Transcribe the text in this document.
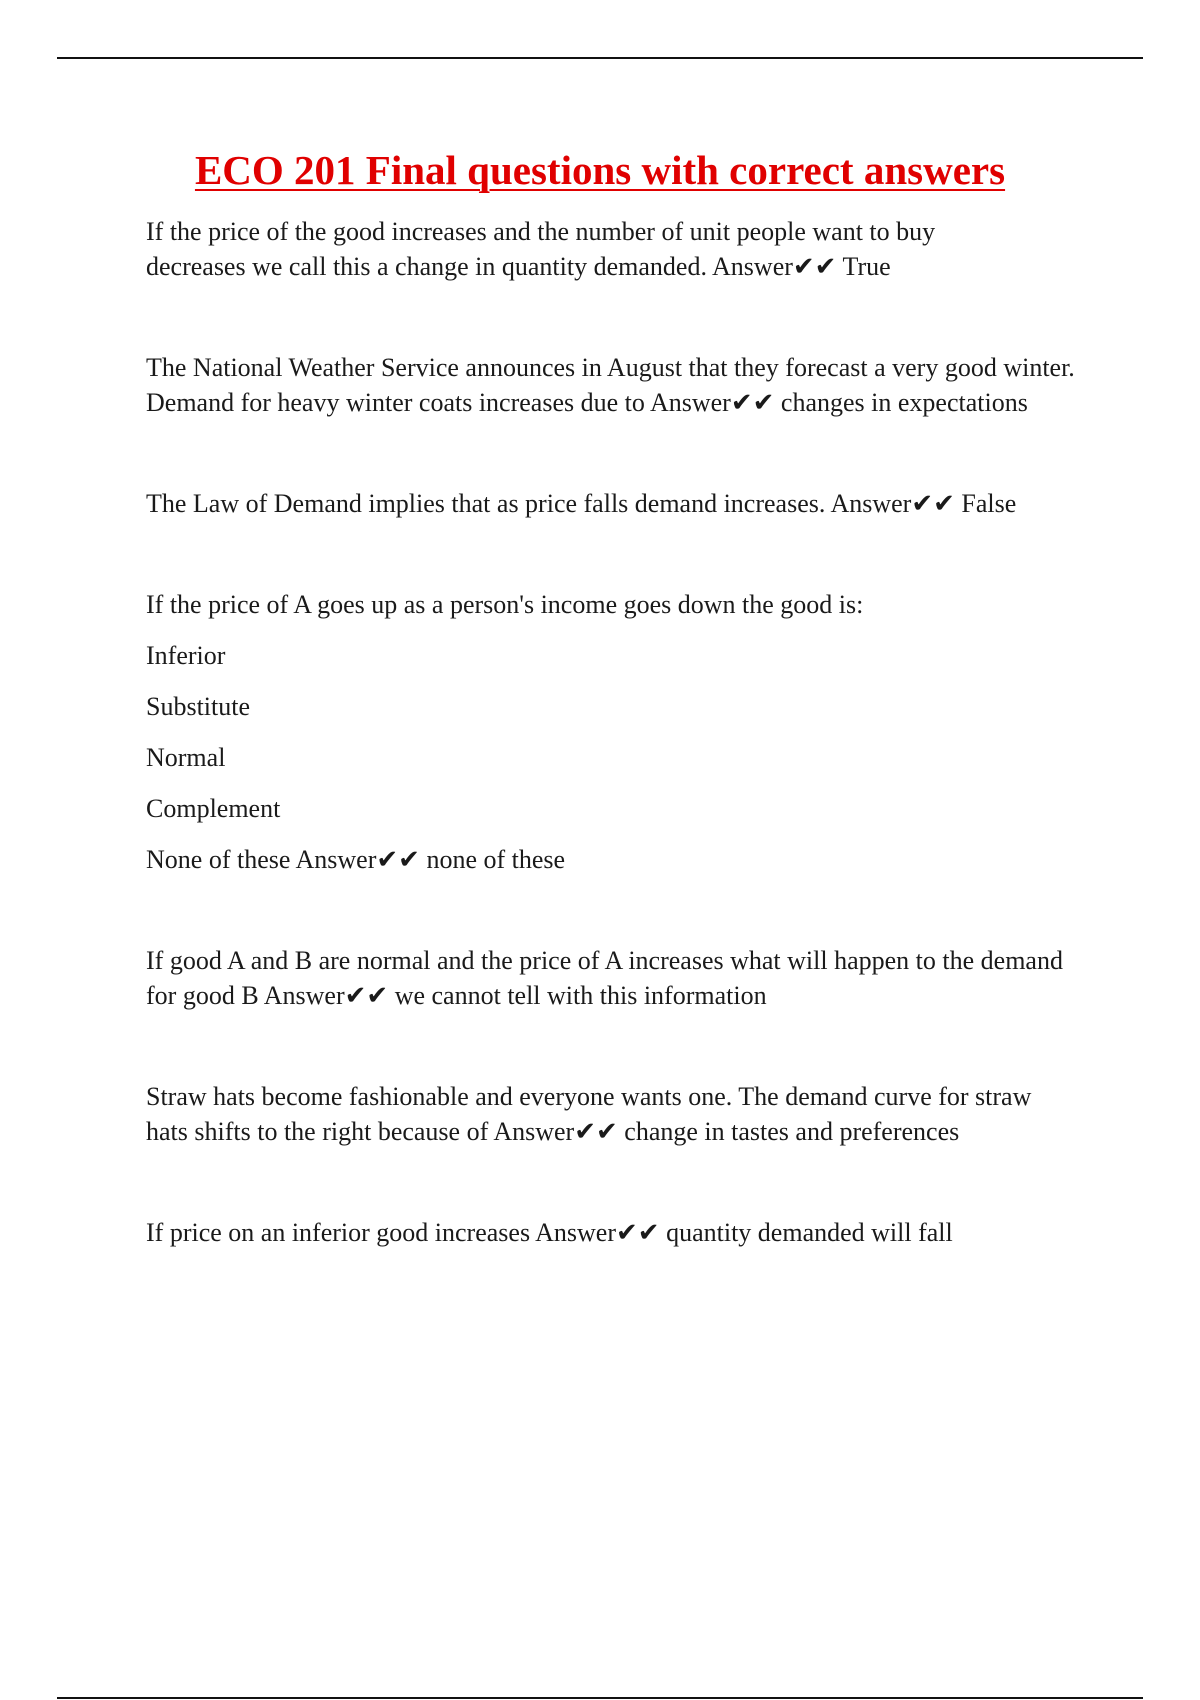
ECO 201 Final questions with correct answers

If the price of the good increases and the number of unit people want to buy decreases we call this a change in quantity demanded. Answer✔✔ True

The National Weather Service announces in August that they forecast a very good winter. Demand for heavy winter coats increases due to Answer✔✔ changes in expectations

The Law of Demand implies that as price falls demand increases. Answer✔✔ False

If the price of A goes up as a person's income goes down the good is:

Inferior

Substitute

Normal

Complement

None of these Answer✔✔ none of these

If good A and B are normal and the price of A increases what will happen to the demand for good B Answer✔✔ we cannot tell with this information

Straw hats become fashionable and everyone wants one. The demand curve for straw hats shifts to the right because of Answer✔✔ change in tastes and preferences

If price on an inferior good increases Answer✔✔ quantity demanded will fall
